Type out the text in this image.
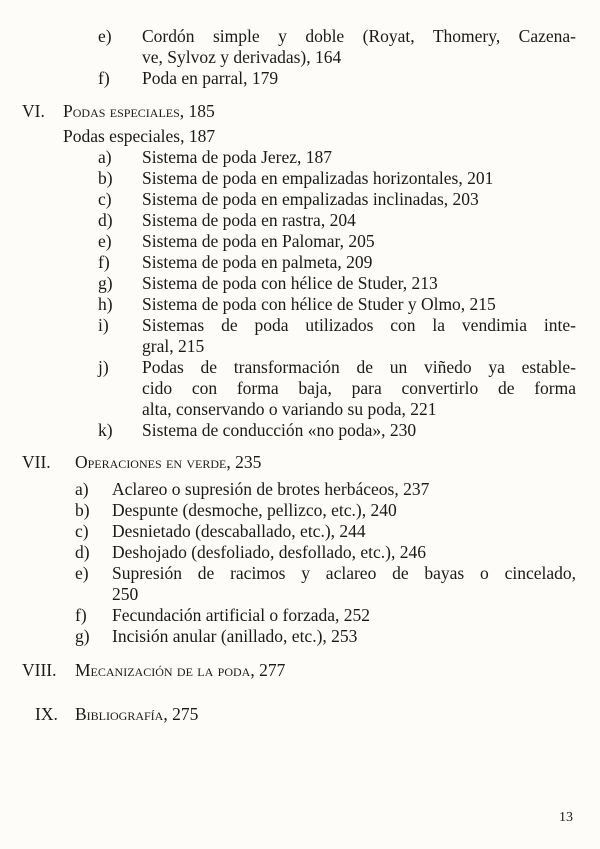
e) Cordón simple y doble (Royat, Thomery, Cazena-
ve, Sylvoz y derivadas), 164
f) Poda en parral, 179
VI. Podas especiales, 185
Podas especiales, 187
a) Sistema de poda Jerez, 187
b) Sistema de poda en empalizadas horizontales, 201
c) Sistema de poda en empalizadas inclinadas, 203
d) Sistema de poda en rastra, 204
e) Sistema de poda en Palomar, 205
f) Sistema de poda en palmeta, 209
g) Sistema de poda con hélice de Studer, 213
h) Sistema de poda con hélice de Studer y Olmo, 215
i) Sistemas de poda utilizados con la vendimia inte-
gral, 215
j) Podas de transformación de un viñedo ya estable-
cido con forma baja, para convertirlo de forma
alta, conservando o variando su poda, 221
k) Sistema de conducción «no poda», 230
VII. Operaciones en verde, 235
a) Aclareo o supresión de brotes herbáceos, 237
b) Despunte (desmoche, pellizco, etc.), 240
c) Desnietado (descaballado, etc.), 244
d) Deshojado (desfoliado, desfollado, etc.), 246
e) Supresión de racimos y aclareo de bayas o cincelado,
250
f) Fecundación artificial o forzada, 252
g) Incisión anular (anillado, etc.), 253
VIII. Mecanización de la poda, 277
IX. Bibliografía, 275
13
